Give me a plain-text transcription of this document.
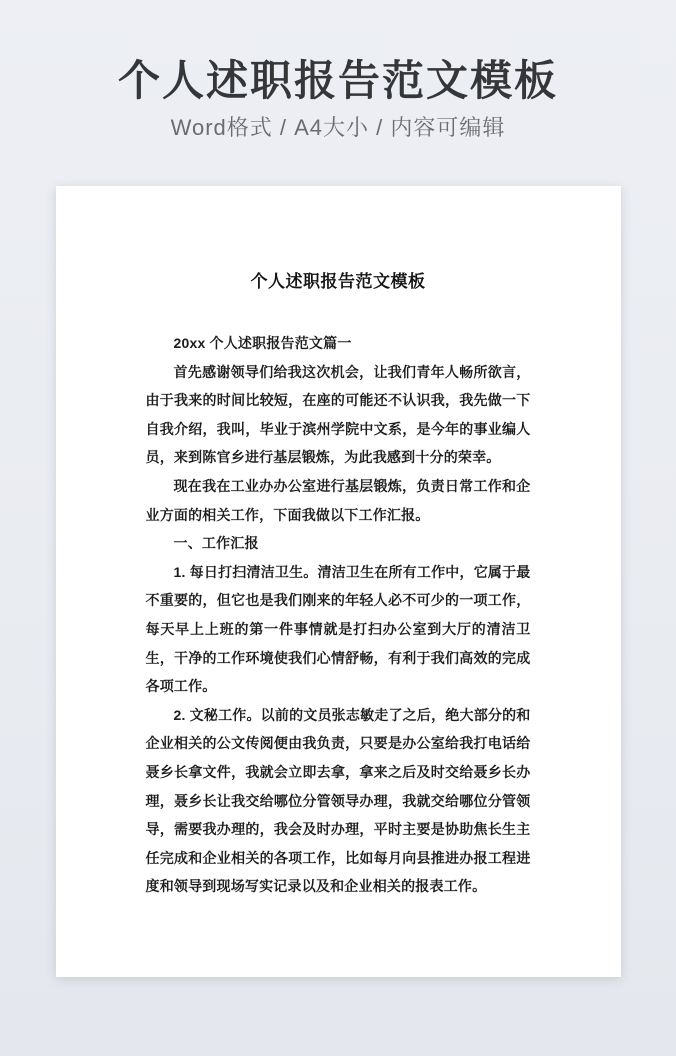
个人述职报告范文模板

Word格式 / A4大小 / 内容可编辑

个人述职报告范文模板

20xx 个人述职报告范文篇一

首先感谢领导们给我这次机会，让我们青年人畅所欲言，由于我来的时间比较短，在座的可能还不认识我，我先做一下自我介绍，我叫，毕业于滨州学院中文系，是今年的事业编人员，来到陈官乡进行基层锻炼，为此我感到十分的荣幸。

现在我在工业办办公室进行基层锻炼，负责日常工作和企业方面的相关工作，下面我做以下工作汇报。

一、工作汇报

1. 每日打扫清洁卫生。清洁卫生在所有工作中，它属于最不重要的，但它也是我们刚来的年轻人必不可少的一项工作，每天早上上班的第一件事情就是打扫办公室到大厅的清洁卫生，干净的工作环境使我们心情舒畅，有利于我们高效的完成各项工作。

2. 文秘工作。以前的文员张志敏走了之后，绝大部分的和企业相关的公文传阅便由我负责，只要是办公室给我打电话给聂乡长拿文件，我就会立即去拿，拿来之后及时交给聂乡长办理，聂乡长让我交给哪位分管领导办理，我就交给哪位分管领导，需要我办理的，我会及时办理，平时主要是协助焦长生主任完成和企业相关的各项工作，比如每月向县推进办报工程进度和领导到现场写实记录以及和企业相关的报表工作。
